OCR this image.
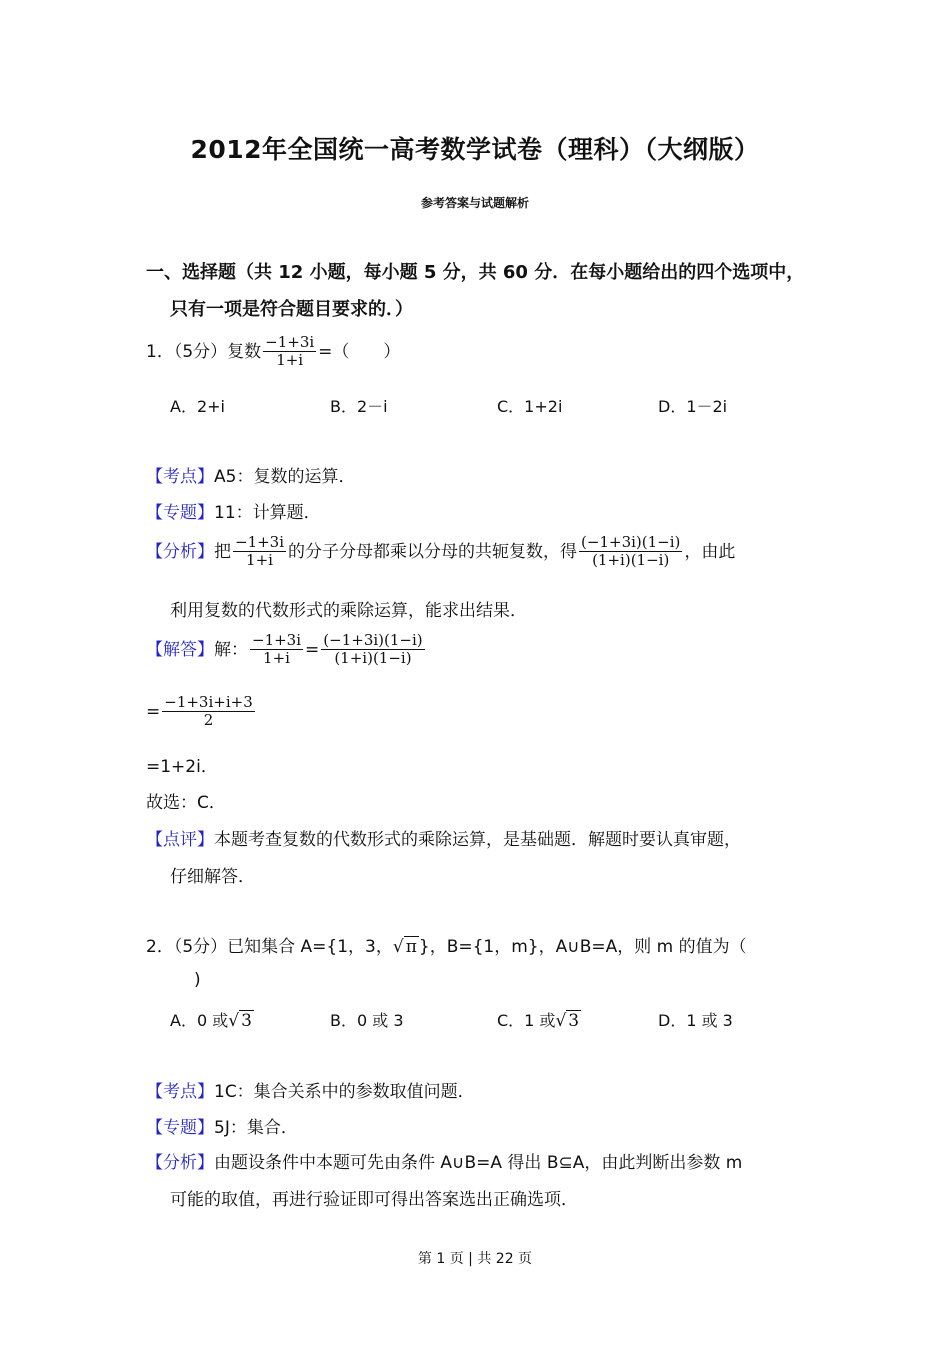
2012年全国统一高考数学试卷（理科）（大纲版）
参考答案与试题解析
一、选择题（共 12 小题，每小题 5 分，共 60 分．在每小题给出的四个选项中，
只有一项是符合题目要求的．）
1．（5分）复数 $\frac{-1+3i}{1+i}$ =（　　）
A．2+i	B．2－i	C．1+2i	D．1－2i
【考点】A5：复数的运算．
【专题】11：计算题．
【分析】把 $\frac{-1+3i}{1+i}$ 的分子分母都乘以分母的共轭复数，得 $\frac{(-1+3i)(1-i)}{(1+i)(1-i)}$ ，由此
利用复数的代数形式的乘除运算，能求出结果．
【解答】解： $\frac{-1+3i}{1+i} = \frac{(-1+3i)(1-i)}{(1+i)(1-i)}$
= $\frac{-1+3i+i+3}{2}$
=1+2i．
故选：C．
【点评】本题考查复数的代数形式的乘除运算，是基础题．解题时要认真审题，
仔细解答．
2．（5分）已知集合 A={1，3，√ π }，B={1，m}，A∪B=A，则 m 的值为（
)
A．0 或√ 3	B．0 或 3	C．1 或√ 3	D．1 或 3
【考点】1C：集合关系中的参数取值问题．
【专题】5J：集合．
【分析】由题设条件中本题可先由条件 A∪B=A 得出 B⊆A，由此判断出参数 m
可能的取值，再进行验证即可得出答案选出正确选项．
第 1 页 | 共 22 页
